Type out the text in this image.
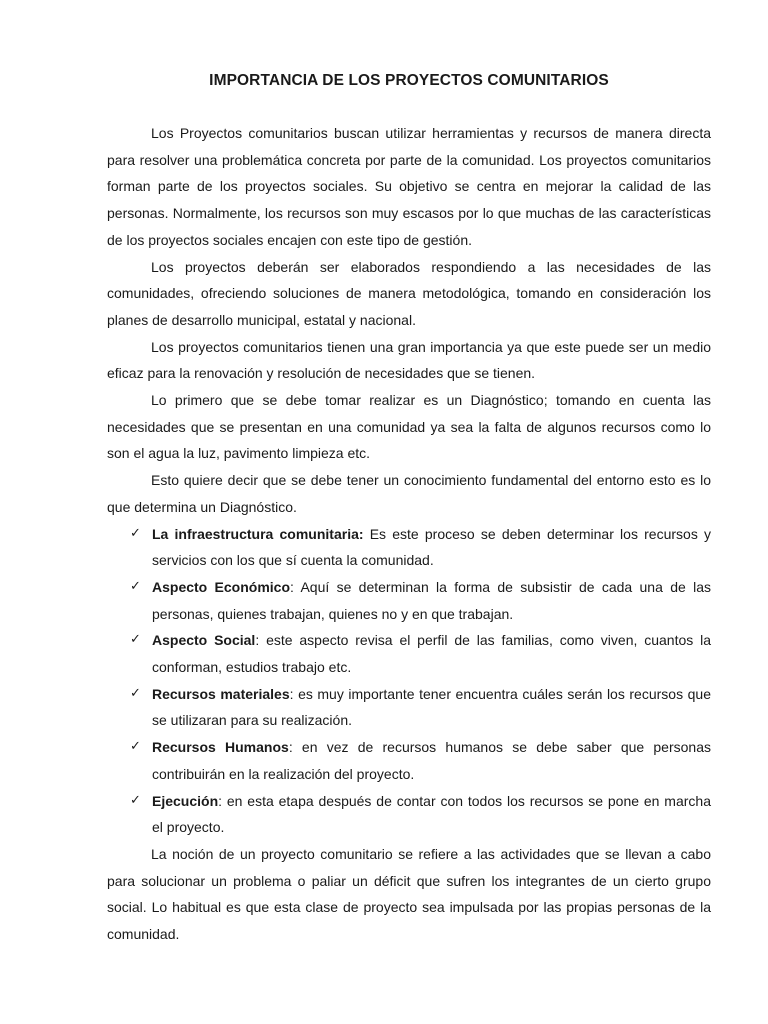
IMPORTANCIA DE LOS PROYECTOS COMUNITARIOS

Los Proyectos comunitarios buscan utilizar herramientas y recursos de manera directa para resolver una problemática concreta por parte de la comunidad. Los proyectos comunitarios forman parte de los proyectos sociales. Su objetivo se centra en mejorar la calidad de las personas. Normalmente, los recursos son muy escasos por lo que muchas de las características de los proyectos sociales encajen con este tipo de gestión.

Los proyectos deberán ser elaborados respondiendo a las necesidades de las comunidades, ofreciendo soluciones de manera metodológica, tomando en consideración los planes de desarrollo municipal, estatal y nacional.

Los proyectos comunitarios tienen una gran importancia ya que este puede ser un medio eficaz para la renovación y resolución de necesidades que se tienen.

Lo primero que se debe tomar realizar es un Diagnóstico; tomando en cuenta las necesidades que se presentan en una comunidad ya sea la falta de algunos recursos como lo son el agua la luz, pavimento limpieza etc.

Esto quiere decir que se debe tener un conocimiento fundamental del entorno esto es lo que determina un Diagnóstico.

✓ La infraestructura comunitaria: Es este proceso se deben determinar los recursos y servicios con los que sí cuenta la comunidad.
✓ Aspecto Económico: Aquí se determinan la forma de subsistir de cada una de las personas, quienes trabajan, quienes no y en que trabajan.
✓ Aspecto Social: este aspecto revisa el perfil de las familias, como viven, cuantos la conforman, estudios trabajo etc.
✓ Recursos materiales: es muy importante tener encuentra cuáles serán los recursos que se utilizaran para su realización.
✓ Recursos Humanos: en vez de recursos humanos se debe saber que personas contribuirán en la realización del proyecto.
✓ Ejecución: en esta etapa después de contar con todos los recursos se pone en marcha el proyecto.

La noción de un proyecto comunitario se refiere a las actividades que se llevan a cabo para solucionar un problema o paliar un déficit que sufren los integrantes de un cierto grupo social. Lo habitual es que esta clase de proyecto sea impulsada por las propias personas de la comunidad.
